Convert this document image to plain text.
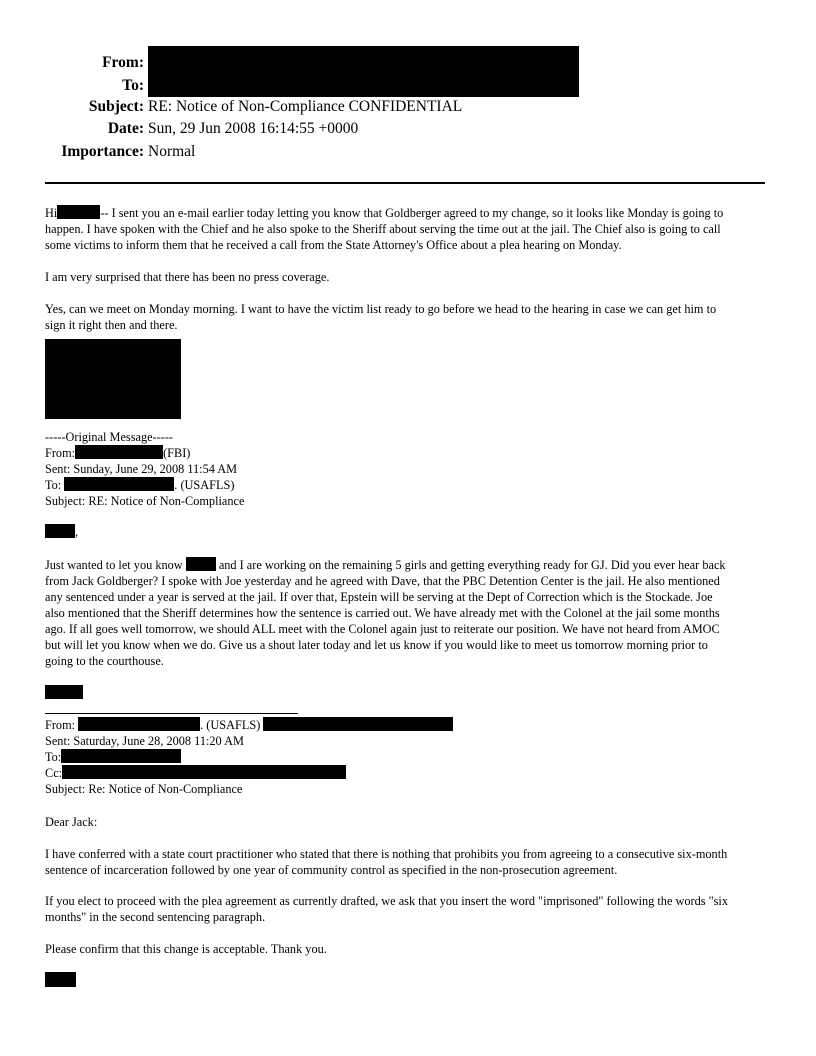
From:
To:
Subject: RE: Notice of Non-Compliance CONFIDENTIAL
Date: Sun, 29 Jun 2008 16:14:55 +0000
Importance: Normal
Hi	-- I sent you an e-mail earlier today letting you know that Goldberger agreed to my change, so it looks like Monday is going to
happen. I have spoken with the Chief and he also spoke to the Sheriff about serving the time out at the jail. The Chief also is going to call
some victims to inform them that he received a call from the State Attorney's Office about a plea hearing on Monday.
I am very surprised that there has been no press coverage.
Yes, can we meet on Monday morning. I want to have the victim list ready to go before we head to the hearing in case we can get him to
sign it right then and there.
-----Original Message-----
From:	(FBI)
Sent: Sunday, June 29, 2008 11:54 AM
To:	. (USAFLS)
Subject: RE: Notice of Non-Compliance
,
Just wanted to let you know	and I are working on the remaining 5 girls and getting everything ready for GJ. Did you ever hear back
from Jack Goldberger? I spoke with Joe yesterday and he agreed with Dave, that the PBC Detention Center is the jail. He also mentioned
any sentenced under a year is served at the jail. If over that, Epstein will be serving at the Dept of Correction which is the Stockade. Joe
also mentioned that the Sheriff determines how the sentence is carried out. We have already met with the Colonel at the jail some months
ago. If all goes well tomorrow, we should ALL meet with the Colonel again just to reiterate our position. We have not heard from AMOC
but will let you know when we do. Give us a shout later today and let us know if you would like to meet us tomorrow morning prior to
going to the courthouse.
From:	. (USAFLS)
Sent: Saturday, June 28, 2008 11:20 AM
To:
Cc:
Subject: Re: Notice of Non-Compliance
Dear Jack:
I have conferred with a state court practitioner who stated that there is nothing that prohibits you from agreeing to a consecutive six-month
sentence of incarceration followed by one year of community control as specified in the non-prosecution agreement.
If you elect to proceed with the plea agreement as currently drafted, we ask that you insert the word "imprisoned" following the words "six
months" in the second sentencing paragraph.
Please confirm that this change is acceptable. Thank you.
